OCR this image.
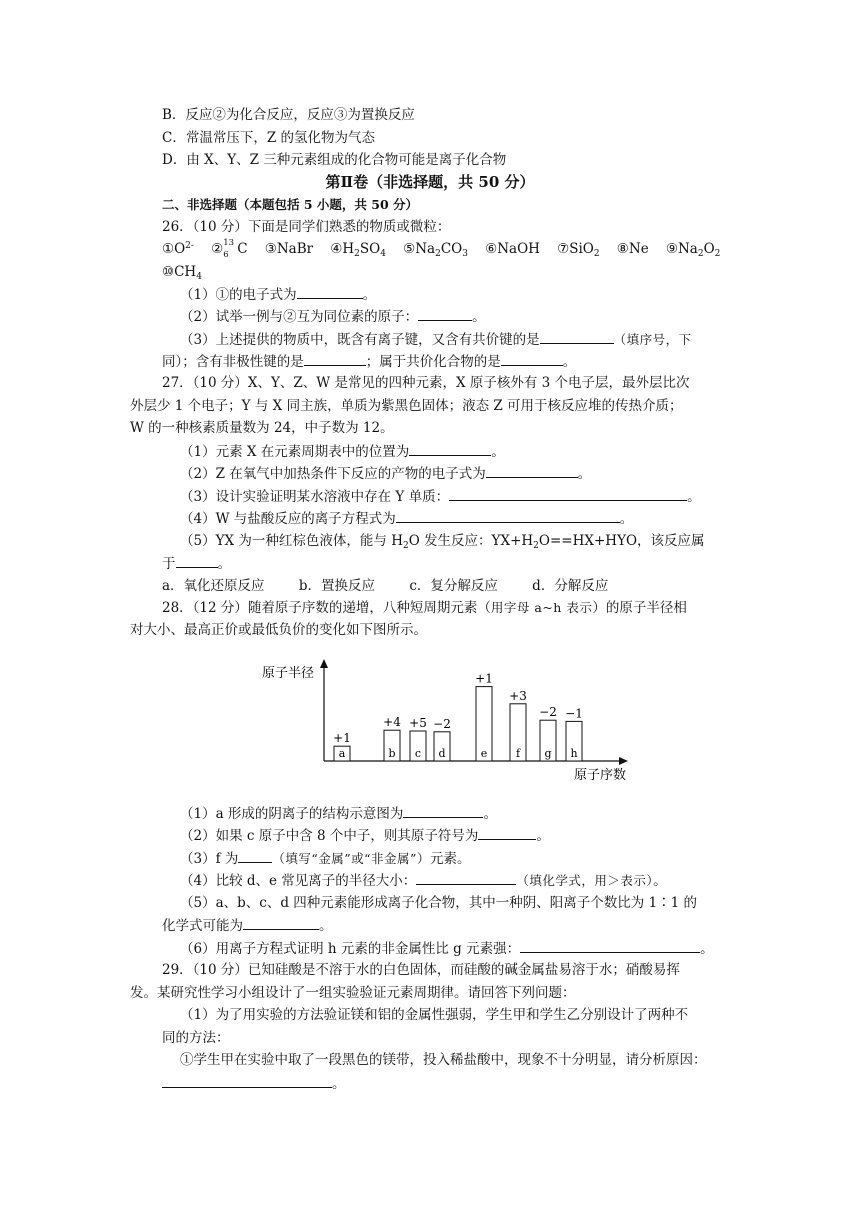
B．反应②为化合反应，反应③为置换反应
C．常温常压下，Z 的氢化物为气态
D．由 X、Y、Z 三种元素组成的化合物可能是离子化合物
第Ⅱ卷（非选择题，共 50 分）
二、非选择题（本题包括 5 小题，共 50 分）
26．（10 分）下面是同学们熟悉的物质或微粒：
$①O^{2-}$ ② 13
6 C ③NaBr $④H_2SO_4$ $⑤Na_2CO_3$ ⑥NaOH ⑦SiO$_2$ ⑧Ne $⑨Na_2O_2$
$⑩CH_4$
（1）①的电子式为	。
（2）试举一例与②互为同位素的原子：	。
（3）上述提供的物质中，既含有离子键，又含有共价键的是	（填序号，下
同）；含有非极性键的是	；属于共价化合物的是	。
27．（10 分）X、Y、Z、W 是常见的四种元素，X 原子核外有 3 个电子层，最外层比次
外层少 1 个电子；Y 与 X 同主族，单质为紫黑色固体；液态 Z 可用于核反应堆的传热介质；
W 的一种核素质量数为 24，中子数为 12。
（1）元素 X 在元素周期表中的位置为	。
（2）Z 在氧气中加热条件下反应的产物的电子式为	。
（3）设计实验证明某水溶液中存在 Y 单质：	。
（4）W 与盐酸反应的离子方程式为	。
（5）YX 为一种红棕色液体，能与 $H_2O$ 发生反应：$YX+H_2O==HX+HYO$，该反应属
于	。
a．氧化还原反应	b．置换反应	c．复分解反应	d．分解反应
28．（12 分）随着原子序数的递增，八种短周期元素（用字母 a~h 表示）的原子半径相
对大小、最高正价或最低负价的变化如下图所示。
原子半径
原子序数
a
+1
b
+4
c
+5
d
−2
e
+1
f
+3
g
−2
h
−1
（1）a 形成的阴离子的结构示意图为	。
（2）如果 c 原子中含 8 个中子，则其原子符号为	。
（3）f 为	（填写“金属”或“非金属”）元素。
（4）比较 d、e 常见离子的半径大小：	（填化学式，用＞表示）。
（5）a、b、c、d 四种元素能形成离子化合物，其中一种阴、阳离子个数比为 1∶1 的
化学式可能为	。
（6）用离子方程式证明 h 元素的非金属性比 g 元素强：	。
29．（10 分）已知硅酸是不溶于水的白色固体，而硅酸的碱金属盐易溶于水；硝酸易挥
发。某研究性学习小组设计了一组实验验证元素周期律。请回答下列问题：
（1）为了用实验的方法验证镁和铝的金属性强弱，学生甲和学生乙分别设计了两种不
同的方法：
①学生甲在实验中取了一段黑色的镁带，投入稀盐酸中，现象不十分明显，请分析原因：
。
